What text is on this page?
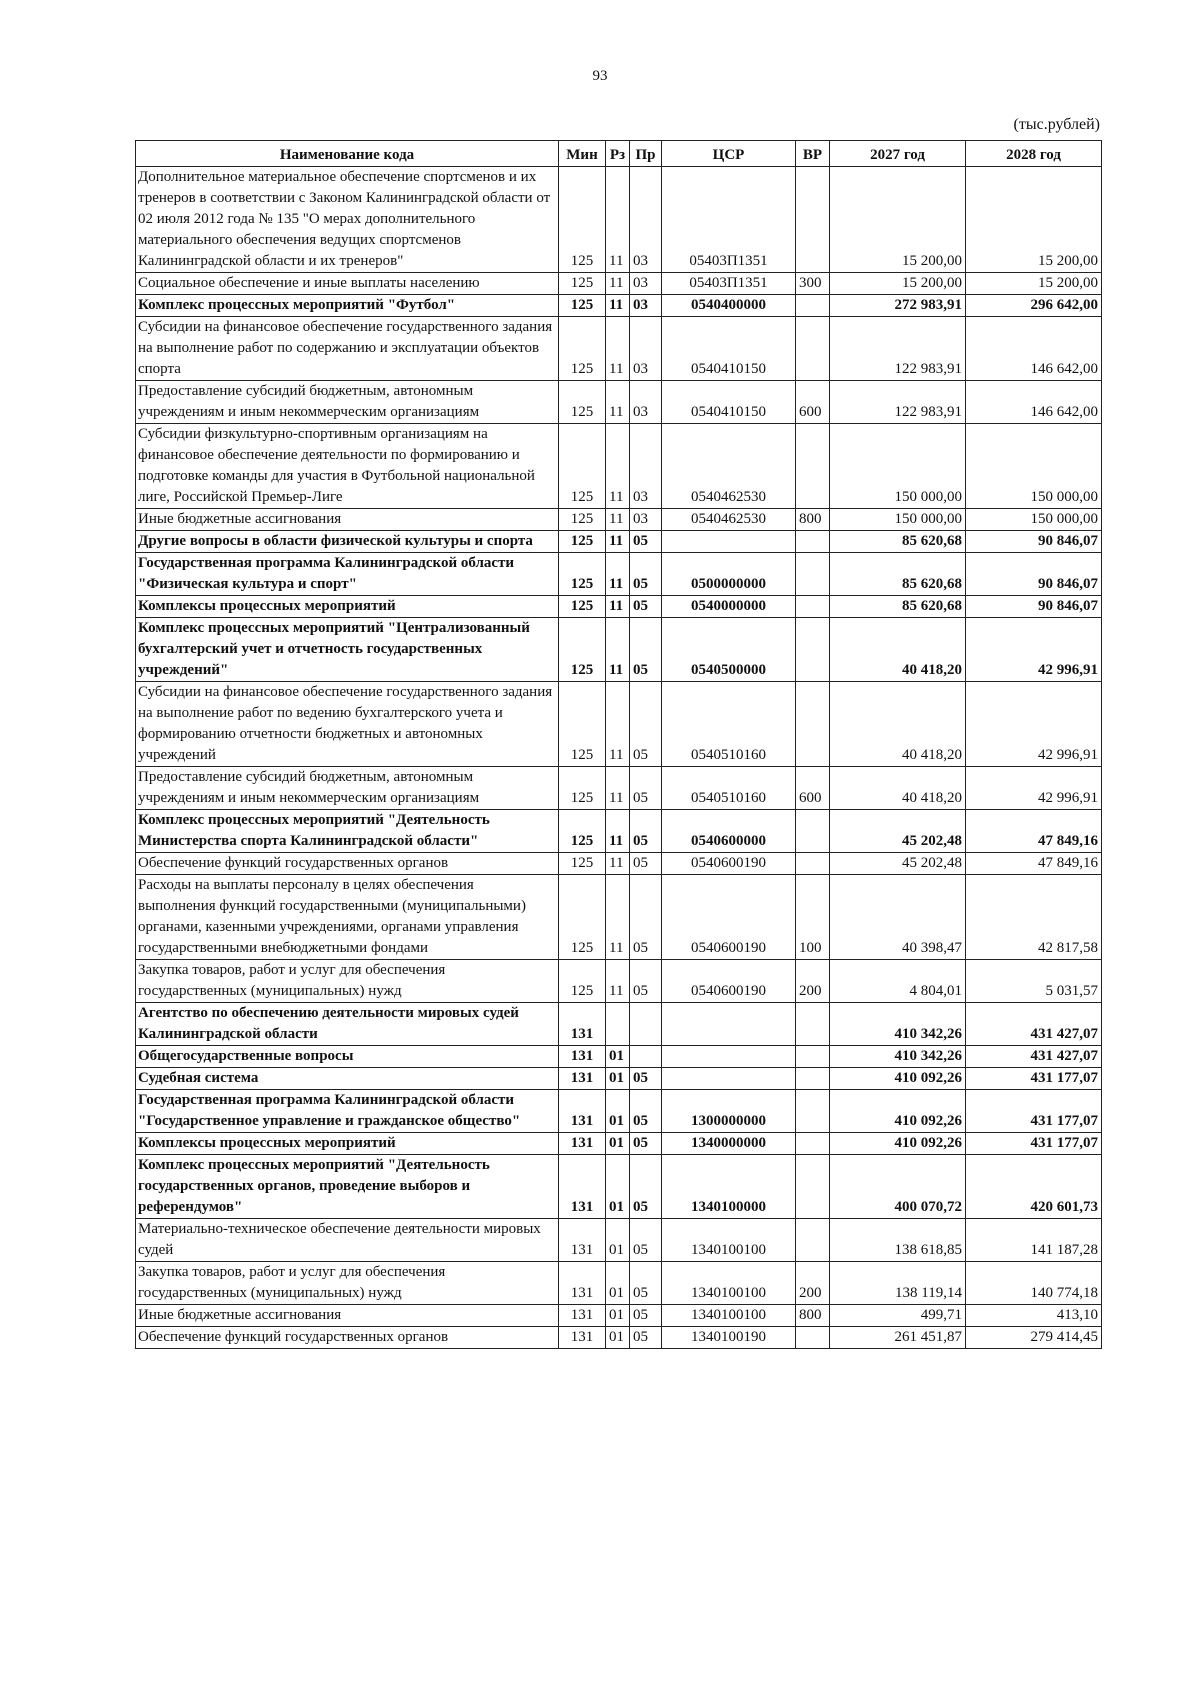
93
(тыс.рублей)
Наименование кода	Мин	Рз	Пр	ЦСР	ВР	2027 год	2028 год
Дополнительное материальное обеспечение спортсменов и их тренеров в соответствии с Законом Калининградской области от 02 июля 2012 года № 135 "О мерах дополнительного материального обеспечения ведущих спортсменов Калининградской области и их тренеров"	125	11	03	05403П1351		15 200,00	15 200,00
Социальное обеспечение и иные выплаты населению	125	11	03	05403П1351	300	15 200,00	15 200,00
Комплекс процессных мероприятий "Футбол"	125	11	03	0540400000		272 983,91	296 642,00
Субсидии на финансовое обеспечение государственного задания на выполнение работ по содержанию и эксплуатации объектов спорта	125	11	03	0540410150		122 983,91	146 642,00
Предоставление субсидий бюджетным, автономным учреждениям и иным некоммерческим организациям	125	11	03	0540410150	600	122 983,91	146 642,00
Субсидии физкультурно-спортивным организациям на финансовое обеспечение деятельности по формированию и подготовке команды для участия в Футбольной национальной лиге, Российской Премьер-Лиге	125	11	03	0540462530		150 000,00	150 000,00
Иные бюджетные ассигнования	125	11	03	0540462530	800	150 000,00	150 000,00
Другие вопросы в области физической культуры и спорта	125	11	05			85 620,68	90 846,07
Государственная программа Калининградской области "Физическая культура и спорт"	125	11	05	0500000000		85 620,68	90 846,07
Комплексы процессных мероприятий	125	11	05	0540000000		85 620,68	90 846,07
Комплекс процессных мероприятий "Централизованный бухгалтерский учет и отчетность государственных учреждений"	125	11	05	0540500000		40 418,20	42 996,91
Субсидии на финансовое обеспечение государственного задания на выполнение работ по ведению бухгалтерского учета и формированию отчетности бюджетных и автономных учреждений	125	11	05	0540510160		40 418,20	42 996,91
Предоставление субсидий бюджетным, автономным учреждениям и иным некоммерческим организациям	125	11	05	0540510160	600	40 418,20	42 996,91
Комплекс процессных мероприятий "Деятельность Министерства спорта Калининградской области"	125	11	05	0540600000		45 202,48	47 849,16
Обеспечение функций государственных органов	125	11	05	0540600190		45 202,48	47 849,16
Расходы на выплаты персоналу в целях обеспечения выполнения функций государственными (муниципальными) органами, казенными учреждениями, органами управления государственными внебюджетными фондами	125	11	05	0540600190	100	40 398,47	42 817,58
Закупка товаров, работ и услуг для обеспечения государственных (муниципальных) нужд	125	11	05	0540600190	200	4 804,01	5 031,57
Агентство по обеспечению деятельности мировых судей Калининградской области	131					410 342,26	431 427,07
Общегосударственные вопросы	131	01				410 342,26	431 427,07
Судебная система	131	01	05			410 092,26	431 177,07
Государственная программа Калининградской области "Государственное управление и гражданское общество"	131	01	05	1300000000		410 092,26	431 177,07
Комплексы процессных мероприятий	131	01	05	1340000000		410 092,26	431 177,07
Комплекс процессных мероприятий "Деятельность государственных органов, проведение выборов и референдумов"	131	01	05	1340100000		400 070,72	420 601,73
Материально-техническое обеспечение деятельности мировых судей	131	01	05	1340100100		138 618,85	141 187,28
Закупка товаров, работ и услуг для обеспечения государственных (муниципальных) нужд	131	01	05	1340100100	200	138 119,14	140 774,18
Иные бюджетные ассигнования	131	01	05	1340100100	800	499,71	413,10
Обеспечение функций государственных органов	131	01	05	1340100190		261 451,87	279 414,45
